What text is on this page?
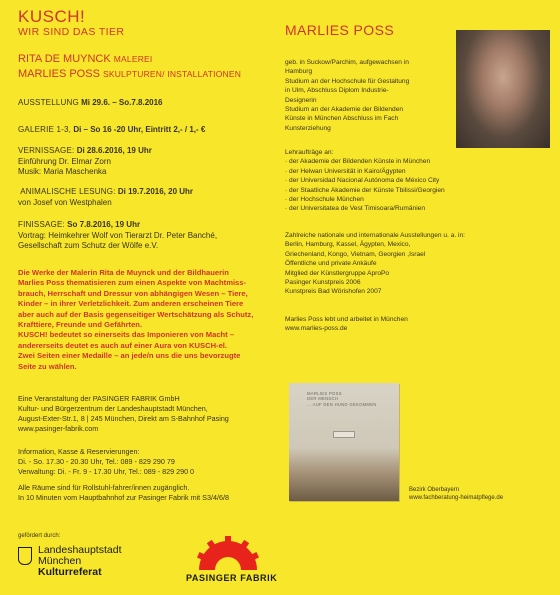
KUSCH!
WIR SIND DAS TIER
RITA DE MUYNCK MALEREI
MARLIES POSS SKULPTUREN/ INSTALLATIONEN
AUSSTELLUNG Mi 29.6. – So.7.8.2016
GALERIE 1-3, Di – So 16 -20 Uhr, Eintritt 2,- / 1,- €
VERNISSAGE: Di 28.6.2016, 19 Uhr
Einführung Dr. Elmar Zorn
Musik: Maria Maschenka
ANIMALISCHE LESUNG: Di 19.7.2016, 20 Uhr
von Josef von Westphalen
FINISSAGE: So 7.8.2016, 19 Uhr
Vortrag: Heimkehrer Wolf von Tierarzt Dr. Peter Banché,
Gesellschaft zum Schutz der Wölfe e.V.
Die Werke der Malerin Rita de Muynck und der Bildhauerin
Marlies Poss thematisieren zum einen Aspekte von Machtmiss-
brauch, Herrschaft und Dressur von abhängigen Wesen – Tiere,
Kinder – in ihrer Verletzlichkeit. Zum anderen erscheinen Tiere
aber auch auf der Basis gegenseitiger Wertschätzung als Schutz,
Krafttiere, Freunde und Gefährten.
KUSCH! bedeutet so einerseits das Imponieren von Macht –
andererseits deutet es auch auf einer Aura von KUSCH-el.
Zwei Seiten einer Medaille – an jede/n uns die uns bevorzugte
Seite zu wählen.
Eine Veranstaltung der PASINGER FABRIK GmbH
Kultur- und Bürgerzentrum der Landeshauptstadt München,
August-Exter-Str.1, 8 | 245 München, Direkt am S-Bahnhof Pasing
www.pasinger-fabrik.com
Information, Kasse & Reservierungen:
Di. - So. 17.30 - 20.30 Uhr, Tel.: 089 - 829 290 79
Verwaltung: Di. - Fr. 9 - 17.30 Uhr, Tel.: 089 - 829 290 0
Alle Räume sind für Rollstuhl-fahrer/innen zugänglich.
In 10 Minuten vom Hauptbahnhof zur Pasinger Fabrik mit S3/4/6/8
gefördert durch:
Landeshauptstadt
München
Kulturreferat	PASINGER FABRIK
MARLIES POSS
geb. in Suckow/Parchim, aufgewachsen in
Hamburg
Studium an der Hochschule für Gestaltung
in Ulm, Abschluss Diplom Industrie-
Designerin
Studium an der Akademie der Bildenden
Künste in München Abschluss im Fach
Kunsterziehung
Lehraufträge an:
· der Akademie der Bildenden Künste in München
· der Helwan Universität in Kairo/Ägypten
· der Universidad Nacional Autónoma de México City
· der Staatliche Akademie der Künste Tbilissi/Georgien
· der Hochschule München
· der Universitatea de Vest Timisoara/Rumänien
Zahlreiche nationale und internationale Ausstellungen u. a. in:
Berlin, Hamburg, Kassel, Ägypten, Mexico,
Griechenland, Kongo, Vietnam, Georgien ,Israel
Öffentliche und private Ankäufe
Mitglied der Künstlergruppe AproPo
Pasinger Kunstpreis 2006
Kunstpreis Bad Wörishofen 2007
Marlies Poss lebt und arbeitet in München
www.marlies-poss.de
MARLIES POSS
DER MENSCH
... AUF DEN HUND GEKOMMEN
Bezirk Oberbayern
www.fachberatung-heimatpflege.de
